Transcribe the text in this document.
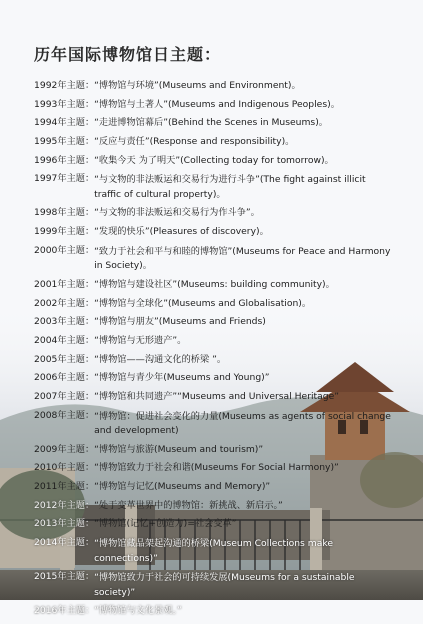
历年国际博物馆日主题：
1992年主题： “博物馆与环境”(Museums and Environment)。
1993年主题： “博物馆与土著人”(Museums and Indigenous Peoples)。
1994年主题： “走进博物馆幕后”(Behind the Scenes in Museums)。
1995年主题： “反应与责任”(Response and responsibility)。
1996年主题： “收集今天 为了明天”(Collecting today for tomorrow)。
1997年主题： “与文物的非法贩运和交易行为进行斗争”(The fight against illicit traffic of cultural property)。
1998年主题： “与文物的非法贩运和交易行为作斗争”。
1999年主题： “发现的快乐”(Pleasures of discovery)。
2000年主题： “致力于社会和平与和睦的博物馆”(Museums for Peace and Harmony in Society)。
2001年主题： “博物馆与建设社区”(Museums: building community)。
2002年主题： “博物馆与全球化”(Museums and Globalisation)。
2003年主题： “博物馆与朋友”(Museums and Friends)
2004年主题： “博物馆与无形遗产”。
2005年主题： “博物馆——沟通文化的桥梁 ”。
2006年主题： “博物馆与青少年(Museums and Young)”
2007年主题： “博物馆和共同遗产”“Museums and Universal Heritage”
2008年主题： “博物馆：促进社会变化的力量(Museums as agents of social change and development)
2009年主题： “博物馆与旅游(Museum and tourism)”
2010年主题： “博物馆致力于社会和谐(Museums For Social Harmony)”
2011年主题： “博物馆与记忆(Museums and Memory)”
2012年主题： “处于变革世界中的博物馆：新挑战、新启示。”
2013年主题： “博物馆(记忆+创造力)=社会变革”
2014年主题： “博物馆藏品架起沟通的桥梁(Museum Collections make connections)”
2015年主题： “博物馆致力于社会的可持续发展(Museums for a sustainable society)”
2016年主题： “博物馆与文化景观。”
